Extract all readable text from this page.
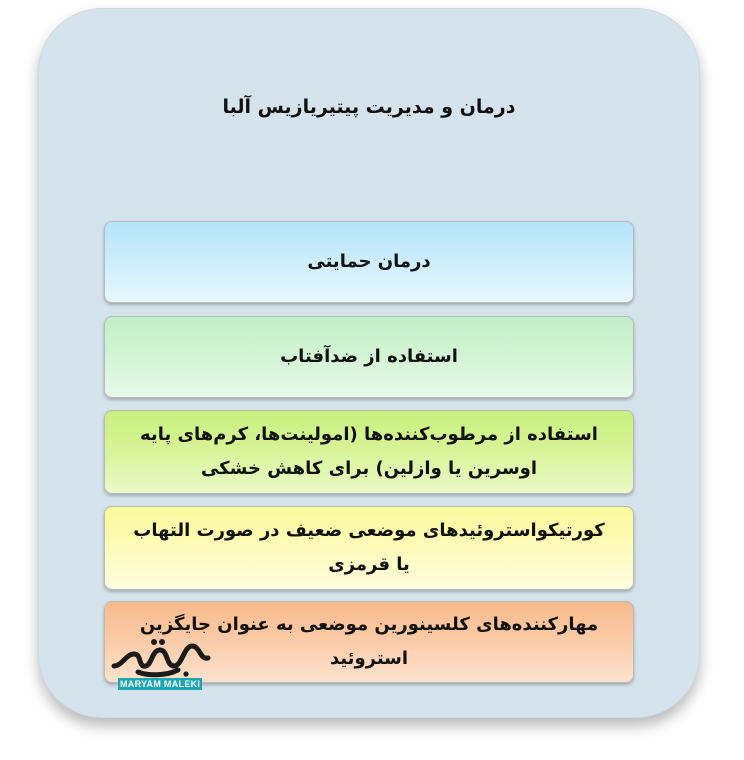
درمان و مدیریت پیتیریازیس آلبا
درمان حمایتی
استفاده از ضدآفتاب
استفاده از مرطوب‌کننده‌ها (امولینت‌ها، کرم‌های پایه اوسرین یا وازلین) برای کاهش خشکی
کورتیکواستروئیدهای موضعی ضعیف در صورت التهاب یا قرمزی
مهارکننده‌های کلسینورین موضعی به عنوان جایگزین استروئید
MARYAM MALEKI
